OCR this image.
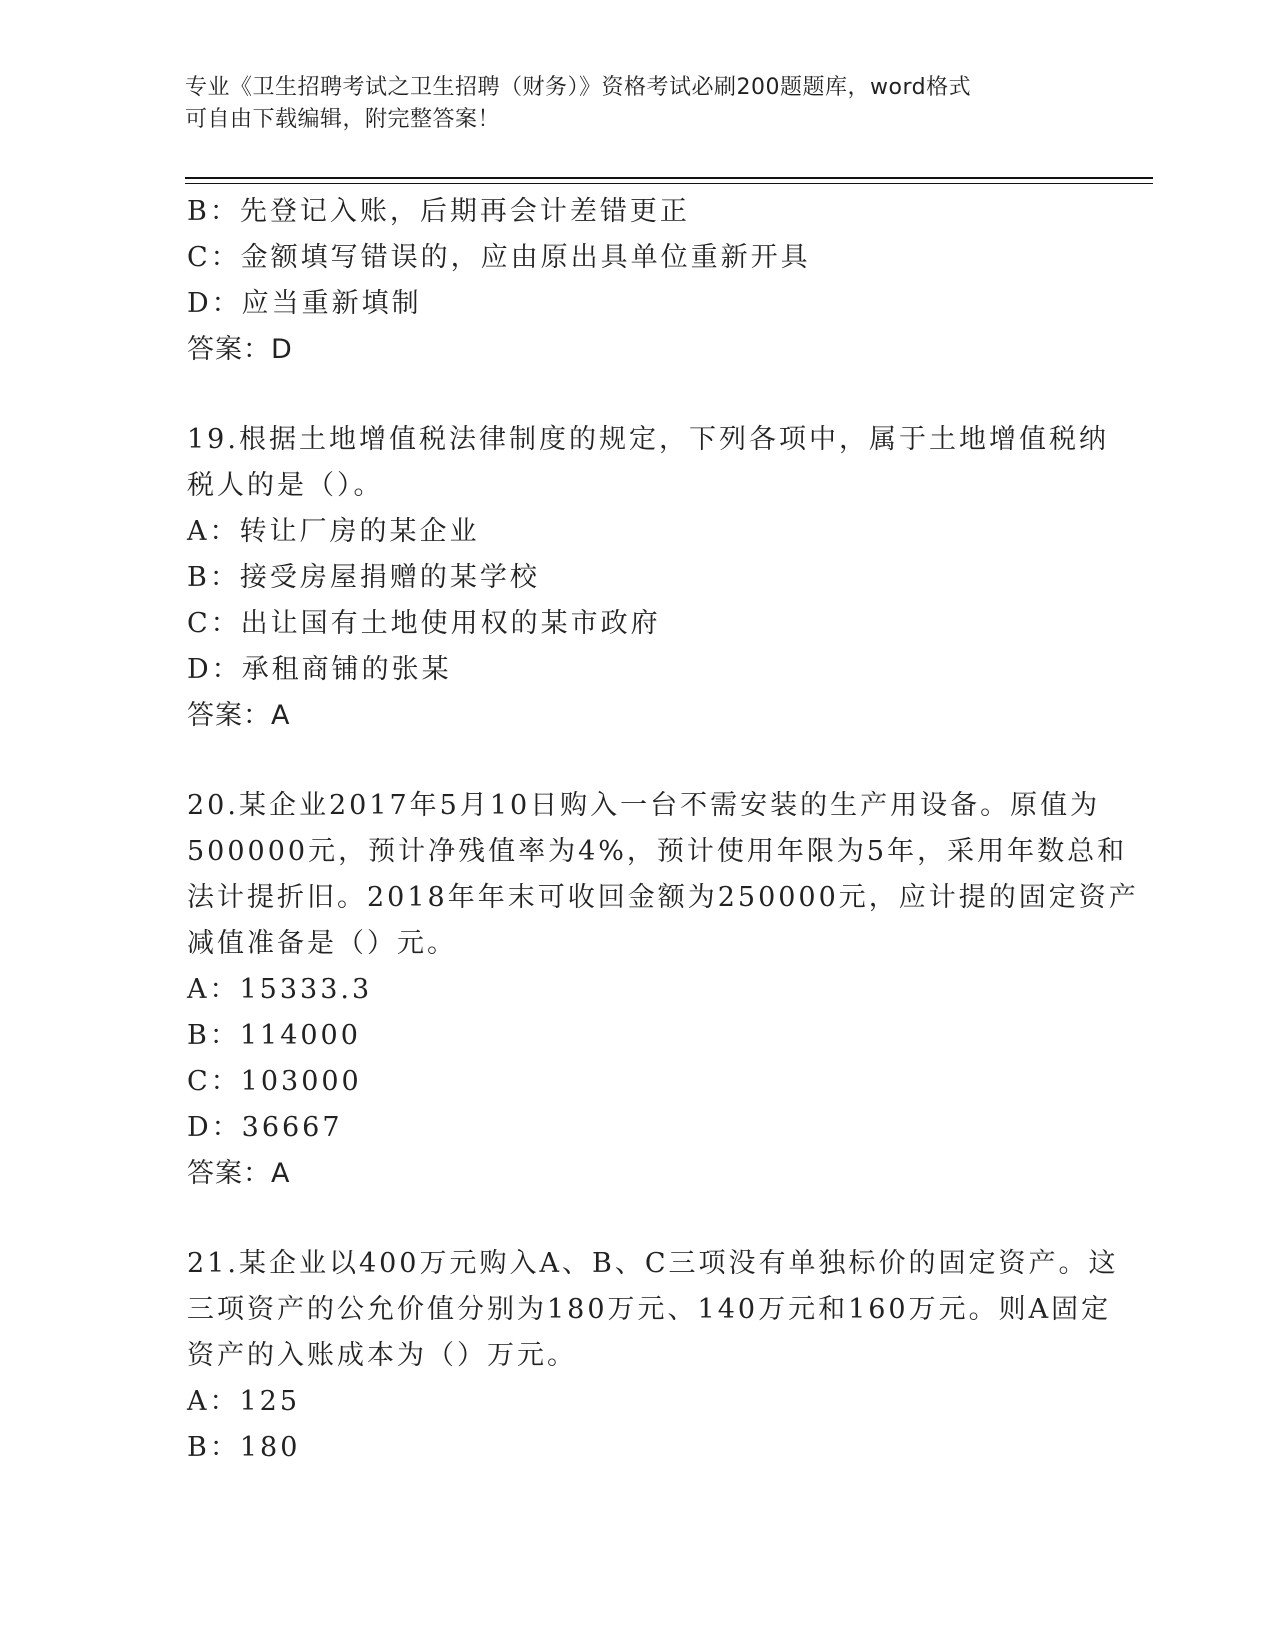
专业《卫生招聘考试之卫生招聘（财务）》资格考试必刷200题题库，word格式
可自由下载编辑，附完整答案！
B：先登记入账，后期再会计差错更正
C：金额填写错误的，应由原出具单位重新开具
D：应当重新填制
答案：D
19.根据土地增值税法律制度的规定，下列各项中，属于土地增值税纳
税人的是（）。
A：转让厂房的某企业
B：接受房屋捐赠的某学校
C：出让国有土地使用权的某市政府
D：承租商铺的张某
答案：A
20.某企业2017年5月10日购入一台不需安装的生产用设备。原值为
500000元，预计净残值率为4%，预计使用年限为5年，采用年数总和
法计提折旧。2018年年末可收回金额为250000元，应计提的固定资产
减值准备是（）元。
A：15333.3
B：114000
C：103000
D：36667
答案：A
21.某企业以400万元购入A、B、C三项没有单独标价的固定资产。这
三项资产的公允价值分别为180万元、140万元和160万元。则A固定
资产的入账成本为（）万元。
A：125
B：180
